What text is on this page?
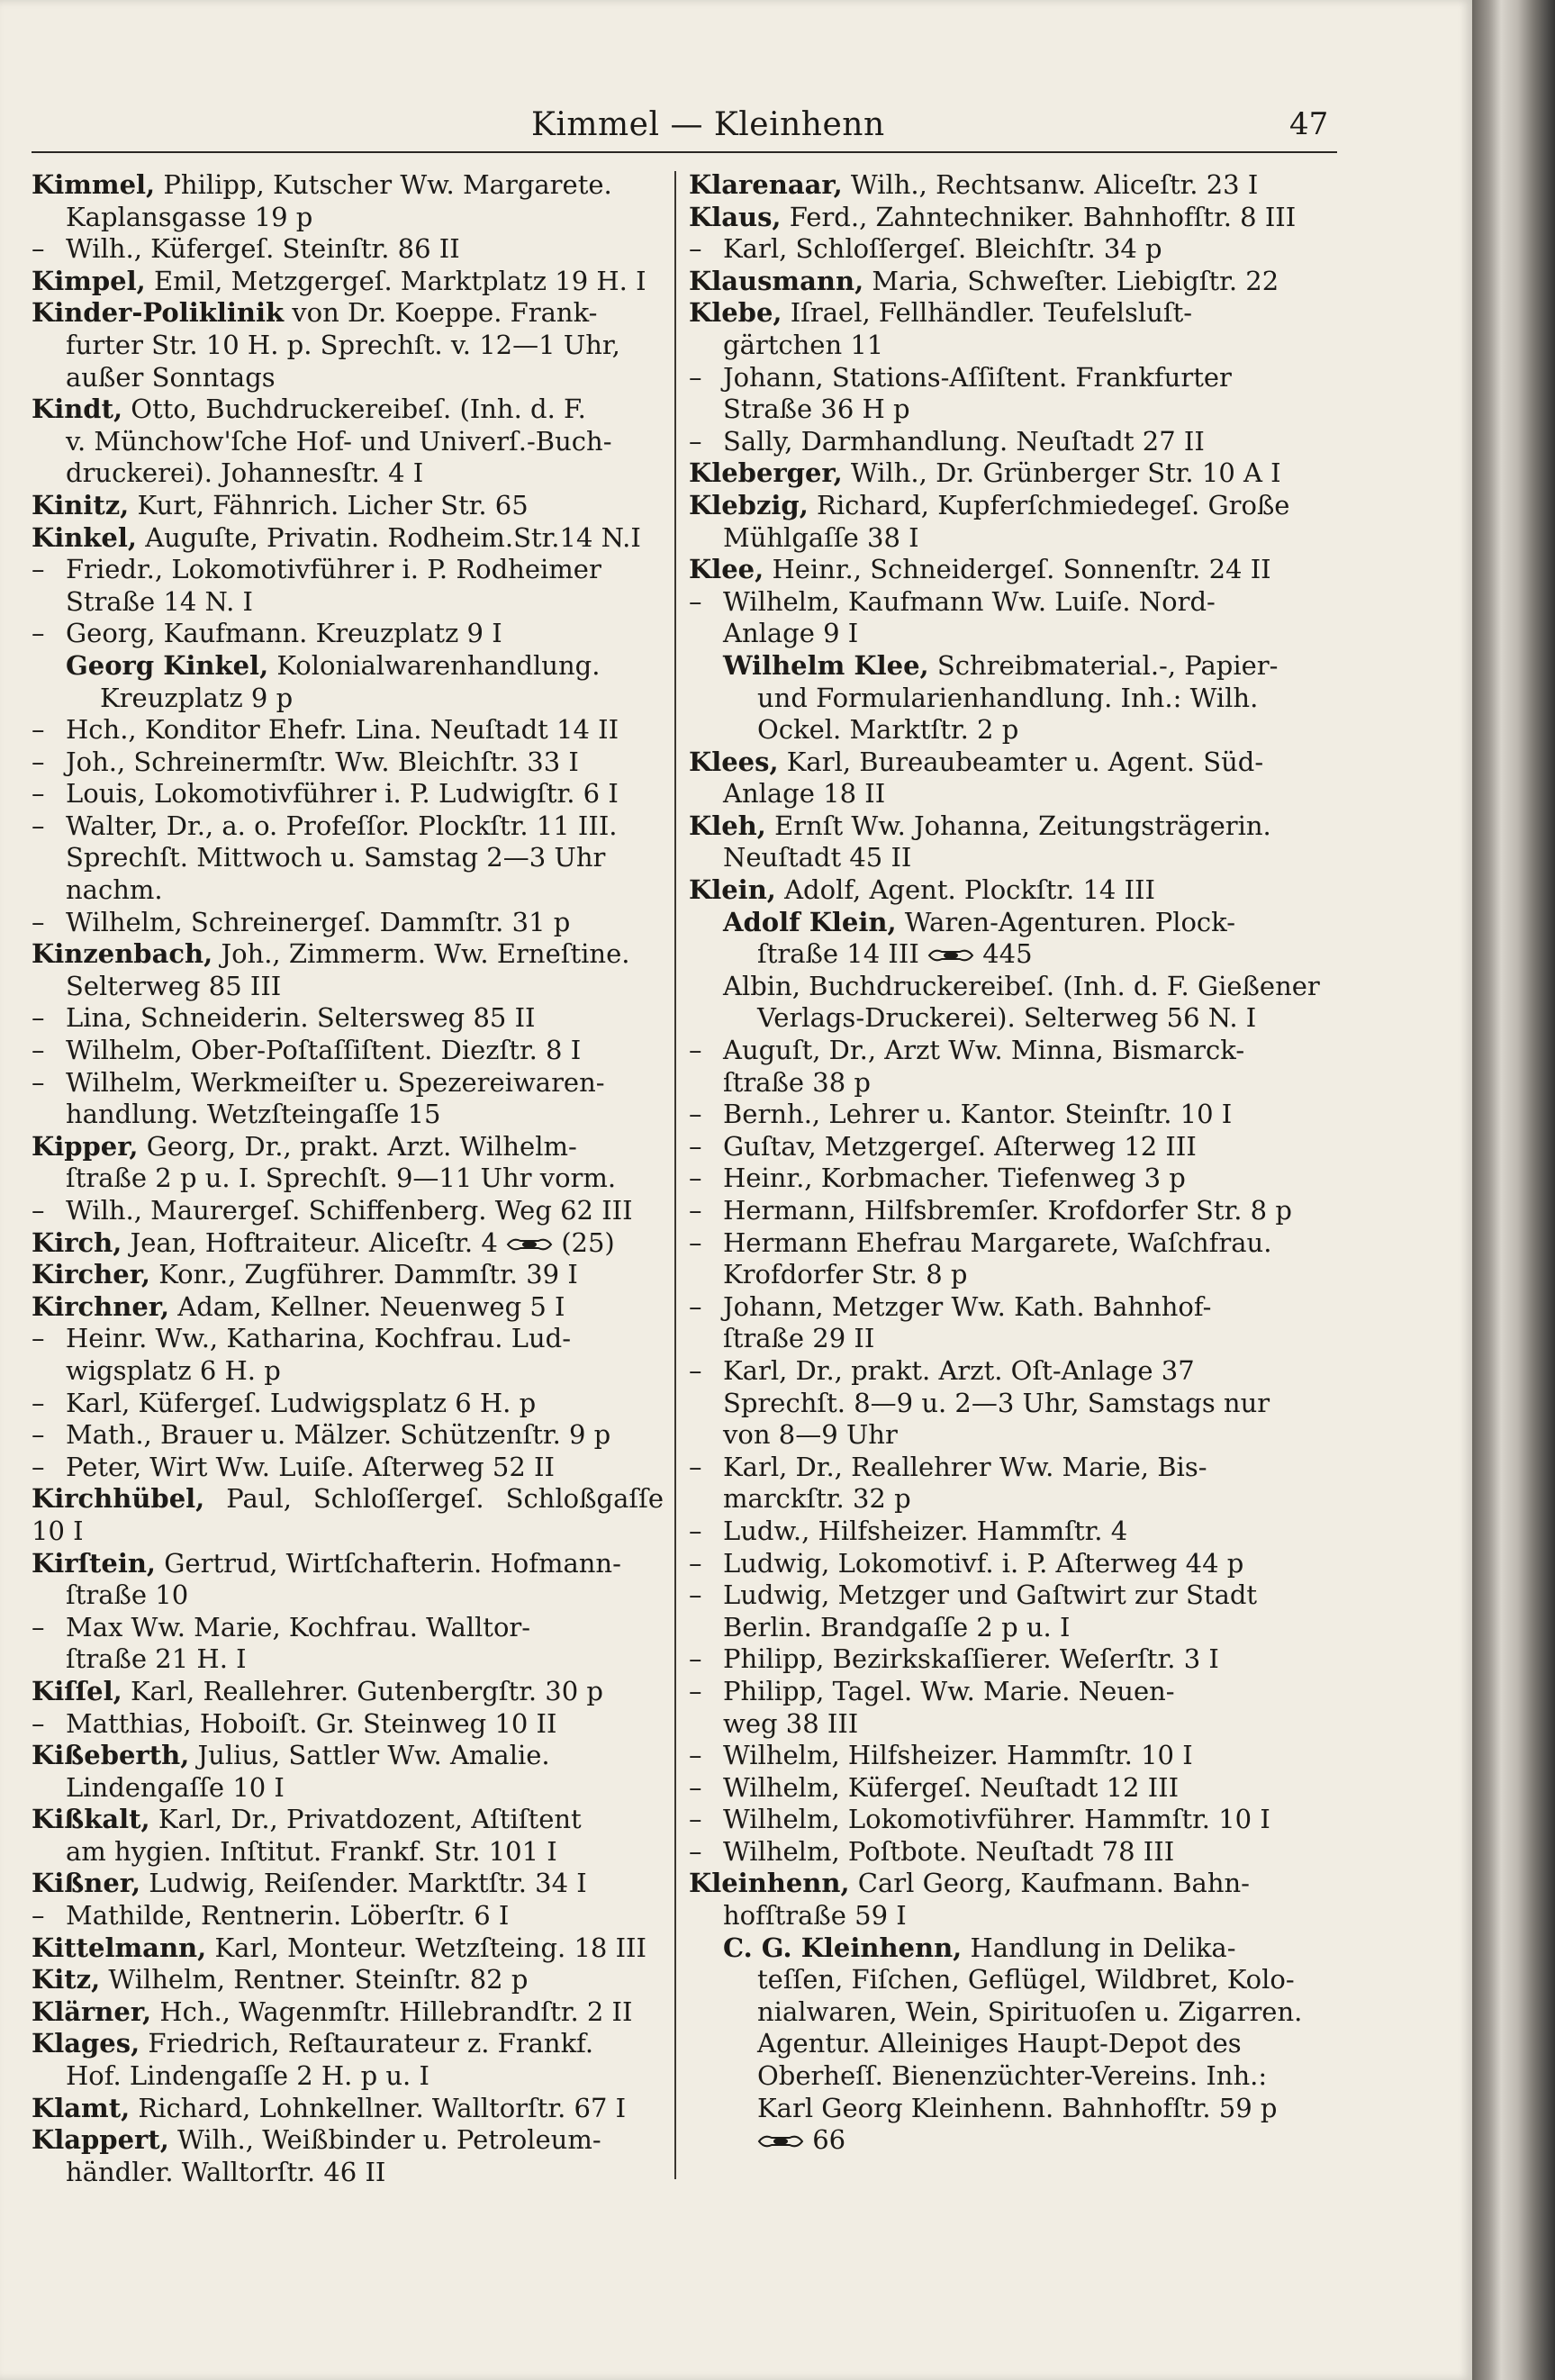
Kimmel — Kleinhenn	47

Kimmel, Philipp, Kutscher Ww. Margarete.
Kaplansgasse 19 p

– Wilh., Küfergeſ. Steinſtr. 86 II

Kimpel, Emil, Metzgergeſ. Marktplatz 19 H. I

Kinder-Poliklinik von Dr. Koeppe. Frank-
furter Str. 10 H. p. Sprechſt. v. 12—1 Uhr,
außer Sonntags

Kindt, Otto, Buchdruckereibeſ. (Inh. d. F.
v. Münchow'ſche Hof- und Univerſ.-Buch-
druckerei). Johannesſtr. 4 I

Kinitz, Kurt, Fähnrich. Licher Str. 65

Kinkel, Auguſte, Privatin. Rodheim.Str.14 N.I

– Friedr., Lokomotivführer i. P. Rodheimer
Straße 14 N. I

– Georg, Kaufmann. Kreuzplatz 9 I

Georg Kinkel, Kolonialwarenhandlung.
Kreuzplatz 9 p

– Hch., Konditor Ehefr. Lina. Neuſtadt 14 II

– Joh., Schreinermſtr. Ww. Bleichſtr. 33 I

– Louis, Lokomotivführer i. P. Ludwigſtr. 6 I

– Walter, Dr., a. o. Profeſſor. Plockſtr. 11 III.
Sprechſt. Mittwoch u. Samstag 2—3 Uhr
nachm.

– Wilhelm, Schreinergeſ. Dammſtr. 31 p

Kinzenbach, Joh., Zimmerm. Ww. Erneſtine.
Selterweg 85 III

– Lina, Schneiderin. Seltersweg 85 II

– Wilhelm, Ober-Poſtaſſiſtent. Diezſtr. 8 I

– Wilhelm, Werkmeiſter u. Spezereiwaren-
handlung. Wetzſteingaſſe 15

Kipper, Georg, Dr., prakt. Arzt. Wilhelm-
ſtraße 2 p u. I. Sprechſt. 9—11 Uhr vorm.

– Wilh., Maurergeſ. Schiffenberg. Weg 62 III

Kirch, Jean, Hoftraiteur. Aliceſtr. 4
(25)

Kircher, Konr., Zugführer. Dammſtr. 39 I

Kirchner, Adam, Kellner. Neuenweg 5 I

– Heinr. Ww., Katharina, Kochfrau. Lud-
wigsplatz 6 H. p

– Karl, Küfergeſ. Ludwigsplatz 6 H. p

– Math., Brauer u. Mälzer. Schützenſtr. 9 p

– Peter, Wirt Ww. Luiſe. Aſterweg 52 II

Kirchhübel, Paul, Schloſſergeſ. Schloßgaſſe 10 I

Kirſtein, Gertrud, Wirtſchafterin. Hofmann-
ſtraße 10

– Max Ww. Marie, Kochfrau. Walltor-
ſtraße 21 H. I

Kiſſel, Karl, Reallehrer. Gutenbergſtr. 30 p

– Matthias, Hoboiſt. Gr. Steinweg 10 II

Kißeberth, Julius, Sattler Ww. Amalie.
Lindengaſſe 10 I

Kißkalt, Karl, Dr., Privatdozent, Aſtiſtent
am hygien. Inſtitut. Frankf. Str. 101 I

Kißner, Ludwig, Reiſender. Marktſtr. 34 I

– Mathilde, Rentnerin. Löberſtr. 6 I

Kittelmann, Karl, Monteur. Wetzſteing. 18 III

Kitz, Wilhelm, Rentner. Steinſtr. 82 p

Klärner, Hch., Wagenmſtr. Hillebrandſtr. 2 II

Klages, Friedrich, Reſtaurateur z. Frankf.
Hof. Lindengaſſe 2 H. p u. I

Klamt, Richard, Lohnkellner. Walltorſtr. 67 I

Klappert, Wilh., Weißbinder u. Petroleum-
händler. Walltorſtr. 46 II

Klarenaar, Wilh., Rechtsanw. Aliceſtr. 23 I

Klaus, Ferd., Zahntechniker. Bahnhofſtr. 8 III

– Karl, Schloſſergeſ. Bleichſtr. 34 p

Klausmann, Maria, Schweſter. Liebigſtr. 22

Klebe, Iſrael, Fellhändler. Teufelsluſt-
gärtchen 11

– Johann, Stations-Aſſiſtent. Frankfurter
Straße 36 H p

– Sally, Darmhandlung. Neuſtadt 27 II

Kleberger, Wilh., Dr. Grünberger Str. 10 A I

Klebzig, Richard, Kupferſchmiedegeſ. Große
Mühlgaſſe 38 I

Klee, Heinr., Schneidergeſ. Sonnenſtr. 24 II

– Wilhelm, Kaufmann Ww. Luiſe. Nord-
Anlage 9 I

Wilhelm Klee, Schreibmaterial.-, Papier-
und Formularienhandlung. Inh.: Wilh.
Ockel. Marktſtr. 2 p

Klees, Karl, Bureaubeamter u. Agent. Süd-
Anlage 18 II

Kleh, Ernſt Ww. Johanna, Zeitungsträgerin.
Neuſtadt 45 II

Klein, Adolf, Agent. Plockſtr. 14 III

Adolf Klein, Waren-Agenturen. Plock-
ſtraße 14 III
445

Albin, Buchdruckereibeſ. (Inh. d. F. Gießener
Verlags-Druckerei). Selterweg 56 N. I

– Auguſt, Dr., Arzt Ww. Minna, Bismarck-
ſtraße 38 p

– Bernh., Lehrer u. Kantor. Steinſtr. 10 I

– Guſtav, Metzgergeſ. Aſterweg 12 III

– Heinr., Korbmacher. Tiefenweg 3 p

– Hermann, Hilfsbremſer. Krofdorfer Str. 8 p

– Hermann Ehefrau Margarete, Waſchfrau.
Krofdorfer Str. 8 p

– Johann, Metzger Ww. Kath. Bahnhof-
ſtraße 29 II

– Karl, Dr., prakt. Arzt. Oſt-Anlage 37
Sprechſt. 8—9 u. 2—3 Uhr, Samstags nur
von 8—9 Uhr

– Karl, Dr., Reallehrer Ww. Marie, Bis-
marckſtr. 32 p

– Ludw., Hilfsheizer. Hammſtr. 4

– Ludwig, Lokomotivf. i. P. Aſterweg 44 p

– Ludwig, Metzger und Gaſtwirt zur Stadt
Berlin. Brandgaſſe 2 p u. I

– Philipp, Bezirkskaſſierer. Weſerſtr. 3 I

– Philipp, Tagel. Ww. Marie. Neuen-
weg 38 III

– Wilhelm, Hilfsheizer. Hammſtr. 10 I

– Wilhelm, Küfergeſ. Neuſtadt 12 III

– Wilhelm, Lokomotivführer. Hammſtr. 10 I

– Wilhelm, Poſtbote. Neuſtadt 78 III

Kleinhenn, Carl Georg, Kaufmann. Bahn-
hofſtraße 59 I

C. G. Kleinhenn, Handlung in Delika-
teſſen, Fiſchen, Geflügel, Wildbret, Kolo-
nialwaren, Wein, Spirituoſen u. Zigarren.
Agentur. Alleiniges Haupt-Depot des
Oberheſſ. Bienenzüchter-Vereins. Inh.:
Karl Georg Kleinhenn. Bahnhofſtr. 59 p
66
